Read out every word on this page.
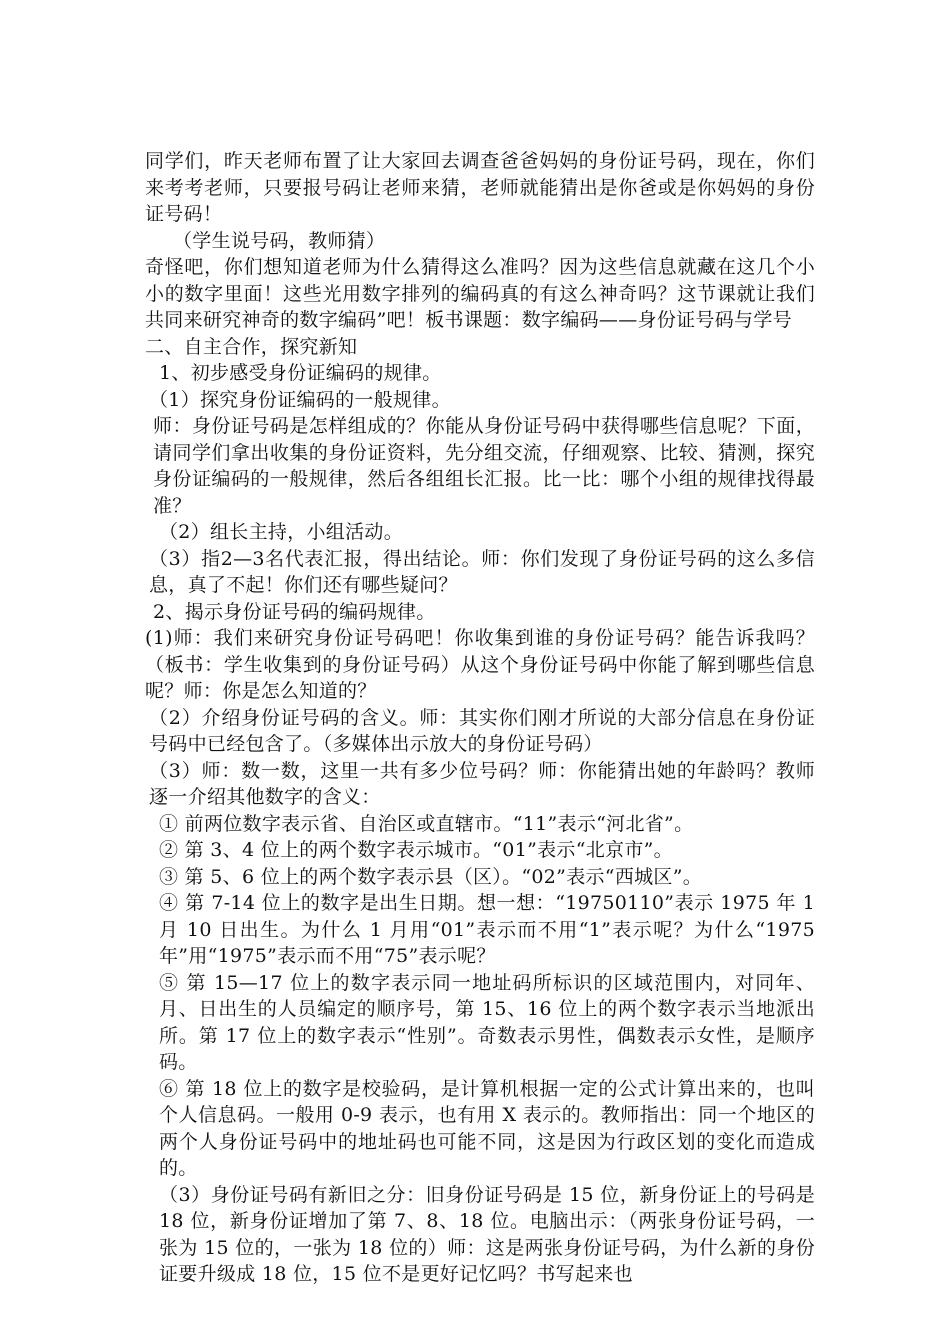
同学们，昨天老师布置了让大家回去调查爸爸妈妈的身份证号码，现在，你们来考考老师，只要报号码让老师来猜，老师就能猜出是你爸或是你妈妈的身份证号码！

（学生说号码，教师猜）

奇怪吧，你们想知道老师为什么猜得这么准吗？因为这些信息就藏在这几个小小的数字里面！这些光用数字排列的编码真的有这么神奇吗？这节课就让我们共同来研究神奇的数字编码”吧！板书课题：数字编码——身份证号码与学号

二、自主合作，探究新知

1、初步感受身份证编码的规律。

（1）探究身份证编码的一般规律。

师：身份证号码是怎样组成的？你能从身份证号码中获得哪些信息呢？下面，请同学们拿出收集的身份证资料，先分组交流，仔细观察、比较、猜测，探究身份证编码的一般规律，然后各组组长汇报。比一比：哪个小组的规律找得最准？

（2）组长主持，小组活动。

（3）指2—3名代表汇报，得出结论。师：你们发现了身份证号码的这么多信息，真了不起！你们还有哪些疑问？

2、揭示身份证号码的编码规律。

(1)师：我们来研究身份证号码吧！你收集到谁的身份证号码？能告诉我吗？（板书：学生收集到的身份证号码）从这个身份证号码中你能了解到哪些信息呢？师：你是怎么知道的？

（2）介绍身份证号码的含义。师：其实你们刚才所说的大部分信息在身份证号码中已经包含了。（多媒体出示放大的身份证号码）

（3）师：数一数，这里一共有多少位号码？师：你能猜出她的年龄吗？教师逐一介绍其他数字的含义：

① 前两位数字表示省、自治区或直辖市。“11”表示“河北省”。

② 第 3、4 位上的两个数字表示城市。“01”表示“北京市”。

③ 第 5、6 位上的两个数字表示县（区）。“02”表示“西城区”。

④ 第 7-14 位上的数字是出生日期。想一想：“19750110”表示 1975 年 1 月 10 日出生。为什么 1 月用“01”表示而不用“1”表示呢？为什么“1975 年”用“1975”表示而不用“75”表示呢？

⑤ 第 15—17 位上的数字表示同一地址码所标识的区域范围内，对同年、月、日出生的人员编定的顺序号，第 15、16 位上的两个数字表示当地派出所。第 17 位上的数字表示“性别”。奇数表示男性，偶数表示女性，是顺序码。

⑥ 第 18 位上的数字是校验码，是计算机根据一定的公式计算出来的，也叫个人信息码。一般用 0-9 表示，也有用 X 表示的。教师指出：同一个地区的两个人身份证号码中的地址码也可能不同，这是因为行政区划的变化而造成的。

（3）身份证号码有新旧之分：旧身份证号码是 15 位，新身份证上的号码是 18 位，新身份证增加了第 7、8、18 位。电脑出示：（两张身份证号码，一张为 15 位的，一张为 18 位的）师：这是两张身份证号码，为什么新的身份证要升级成 18 位，15 位不是更好记忆吗？书写起来也
